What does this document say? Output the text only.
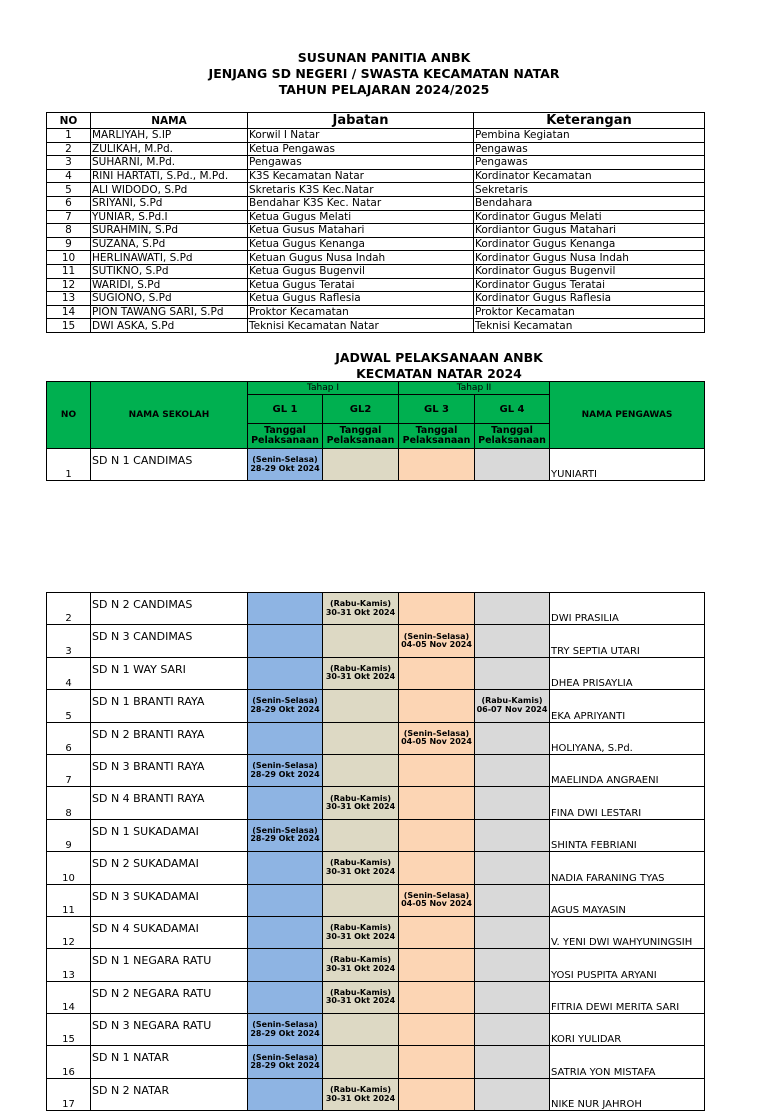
SUSUNAN PANITIA ANBK
JENJANG SD NEGERI / SWASTA KECAMATAN NATAR
TAHUN PELAJARAN 2024/2025
NO	NAMA	Jabatan	Keterangan
1	MARLIYAH, S.IP	Korwil I Natar	Pembina Kegiatan
2	ZULIKAH, M.Pd.	Ketua Pengawas	Pengawas
3	SUHARNI, M.Pd.	Pengawas	Pengawas
4	RINI HARTATI, S.Pd., M.Pd.	K3S Kecamatan Natar	Kordinator Kecamatan
5	ALI WIDODO, S.Pd	Skretaris K3S Kec.Natar	Sekretaris
6	SRIYANI, S.Pd	Bendahar K3S Kec. Natar	Bendahara
7	YUNIAR, S.Pd.I	Ketua Gugus Melati	Kordinator Gugus Melati
8	SURAHMIN, S.Pd	Ketua Gusus Matahari	Kordiantor Gugus Matahari
9	SUZANA, S.Pd	Ketua Gugus Kenanga	Kordinator Gugus Kenanga
10	HERLINAWATI, S.Pd	Ketuan Gugus Nusa Indah	Kordinator Gugus Nusa Indah
11	SUTIKNO, S.Pd	Ketua Gugus Bugenvil	Kordinator Gugus Bugenvil
12	WARIDI, S.Pd	Ketua Gugus Teratai	Kordinator Gugus Teratai
13	SUGIONO, S.Pd	Ketua Gugus Raflesia	Kordinator Gugus Raflesia
14	PION TAWANG SARI, S.Pd	Proktor Kecamatan	Proktor Kecamatan
15	DWI ASKA, S.Pd	Teknisi Kecamatan Natar	Teknisi Kecamatan
JADWAL PELAKSANAAN ANBK
KECMATAN NATAR 2024
NO	NAMA SEKOLAH	Tahap I		Tahap II		NAMA PENGAWAS
		GL 1	GL2	GL 3	GL 4	
		Tanggal Pelaksanaan	Tanggal Pelaksanaan	Tanggal Pelaksanaan	Tanggal Pelaksanaan	
1	SD N 1 CANDIMAS	(Senin-Selasa) 28-29 Okt 2024				YUNIARTI
2	SD N 2 CANDIMAS		(Rabu-Kamis) 30-31 Okt 2024			DWI PRASILIA
3	SD N 3 CANDIMAS			(Senin-Selasa) 04-05 Nov 2024		TRY SEPTIA UTARI
4	SD N 1 WAY SARI		(Rabu-Kamis) 30-31 Okt 2024			DHEA PRISAYLIA
5	SD N 1 BRANTI RAYA	(Senin-Selasa) 28-29 Okt 2024			(Rabu-Kamis) 06-07 Nov 2024	EKA APRIYANTI
6	SD N 2 BRANTI RAYA			(Senin-Selasa) 04-05 Nov 2024		HOLIYANA, S.Pd.
7	SD N 3 BRANTI RAYA	(Senin-Selasa) 28-29 Okt 2024				MAELINDA ANGRAENI
8	SD N 4 BRANTI RAYA		(Rabu-Kamis) 30-31 Okt 2024			FINA DWI LESTARI
9	SD N 1 SUKADAMAI	(Senin-Selasa) 28-29 Okt 2024				SHINTA FEBRIANI
10	SD N 2 SUKADAMAI		(Rabu-Kamis) 30-31 Okt 2024			NADIA FARANING TYAS
11	SD N 3 SUKADAMAI			(Senin-Selasa) 04-05 Nov 2024		AGUS MAYASIN
12	SD N 4 SUKADAMAI		(Rabu-Kamis) 30-31 Okt 2024			V. YENI DWI WAHYUNINGSIH
13	SD N 1 NEGARA RATU		(Rabu-Kamis) 30-31 Okt 2024			YOSI PUSPITA ARYANI
14	SD N 2 NEGARA RATU		(Rabu-Kamis) 30-31 Okt 2024			FITRIA DEWI MERITA SARI
15	SD N 3 NEGARA RATU	(Senin-Selasa) 28-29 Okt 2024				KORI YULIDAR
16	SD N 1 NATAR	(Senin-Selasa) 28-29 Okt 2024				SATRIA YON MISTAFA
17	SD N 2 NATAR		(Rabu-Kamis) 30-31 Okt 2024			NIKE NUR JAHROH
